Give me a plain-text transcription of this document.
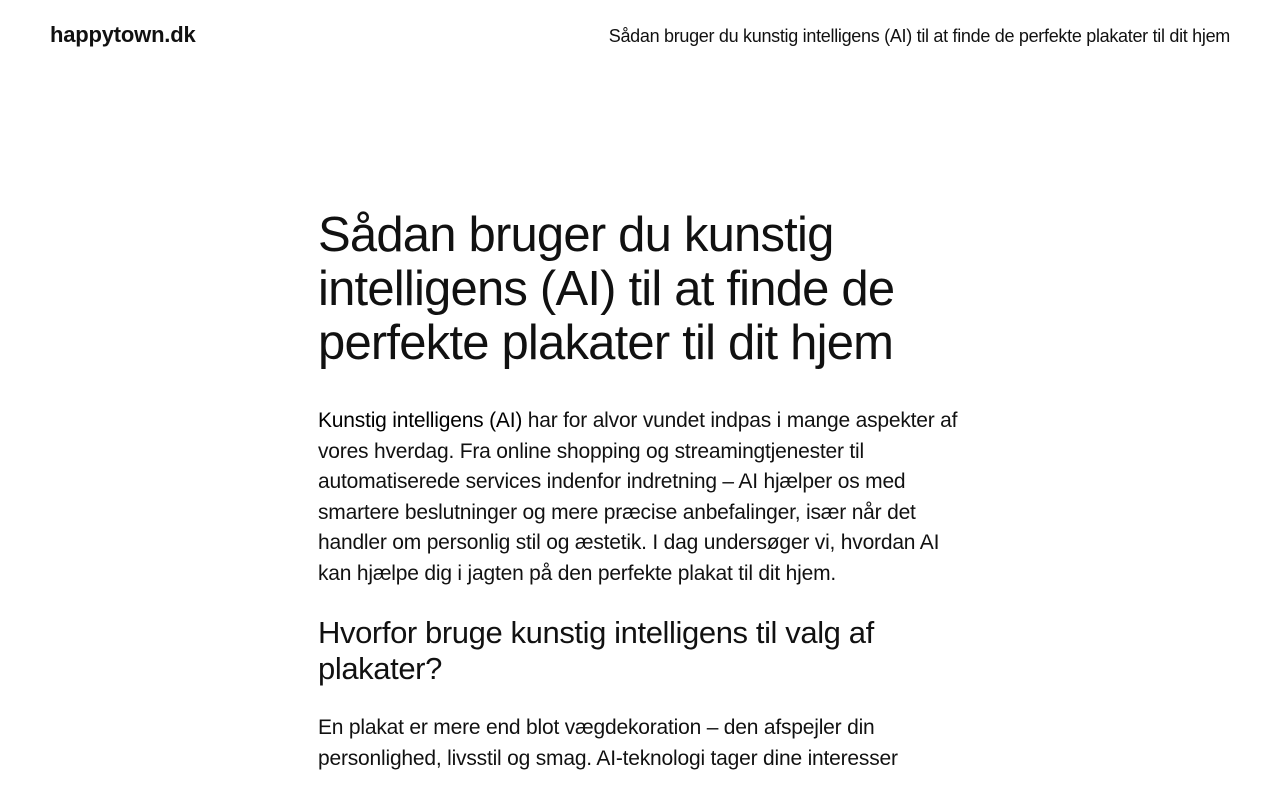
happytown.dk	Sådan bruger du kunstig intelligens (AI) til at finde de perfekte plakater til dit hjem
Sådan bruger du kunstig intelligens (AI) til at finde de perfekte plakater til dit hjem

Kunstig intelligens (AI) har for alvor vundet indpas i mange aspekter af vores hverdag. Fra online shopping og streamingtjenester til automatiserede services indenfor indretning – AI hjælper os med smartere beslutninger og mere præcise anbefalinger, især når det handler om personlig stil og æstetik. I dag undersøger vi, hvordan AI kan hjælpe dig i jagten på den perfekte plakat til dit hjem.

Hvorfor bruge kunstig intelligens til valg af plakater?

En plakat er mere end blot vægdekoration – den afspejler din personlighed, livsstil og smag. AI-teknologi tager dine interesser
